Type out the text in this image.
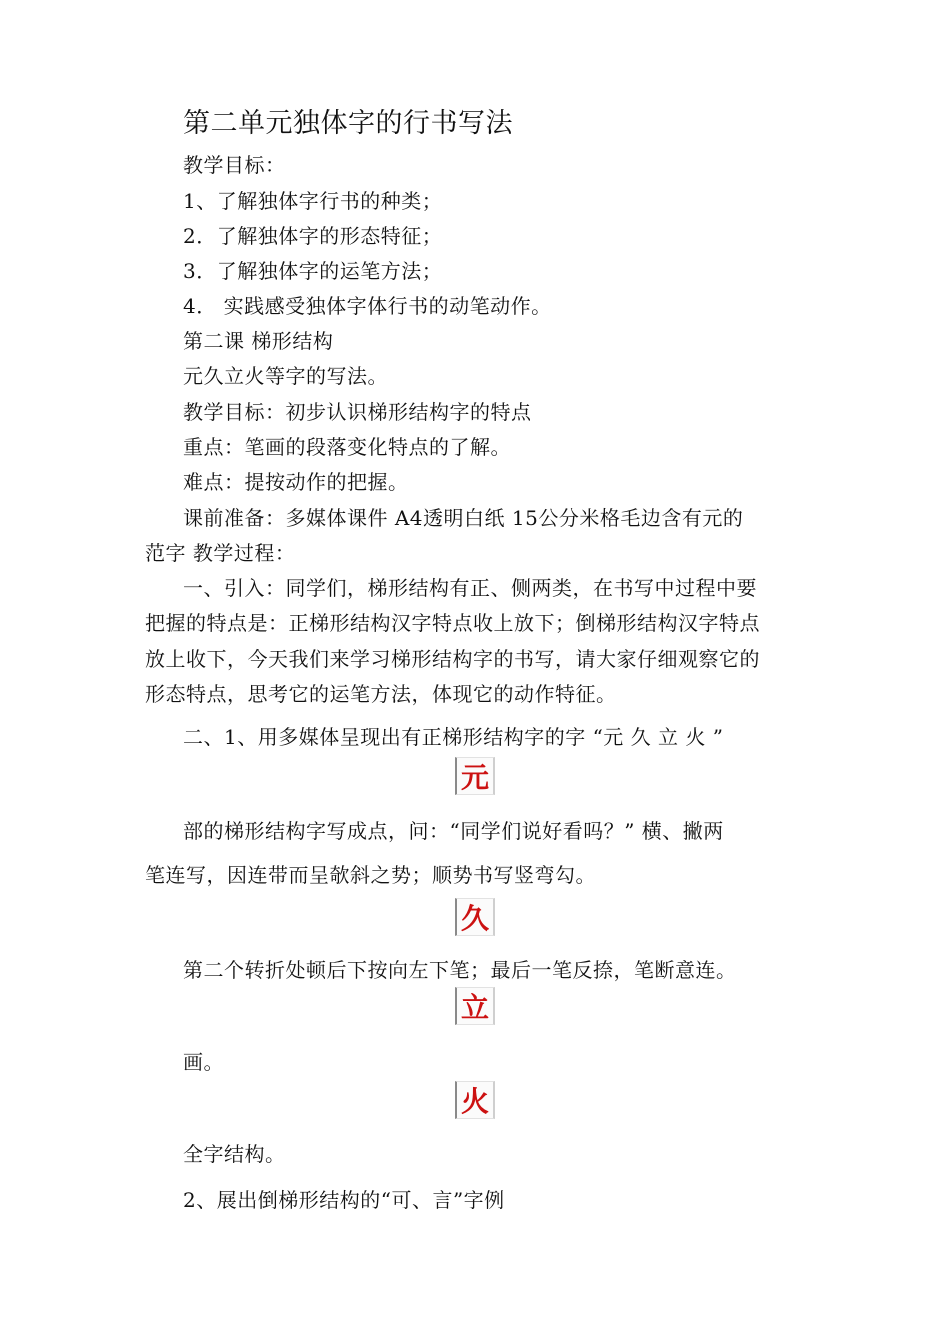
第二单元独体字的行书写法
教学目标：
1、了解独体字行书的种类；
2．了解独体字的形态特征；
3．了解独体字的运笔方法；
4． 实践感受独体字体行书的动笔动作。
第二课 梯形结构
元久立火等字的写法。
教学目标：初步认识梯形结构字的特点
重点：笔画的段落变化特点的了解。
难点：提按动作的把握。
课前准备：多媒体课件 A4透明白纸 15公分米格毛边含有元的
范字 教学过程：
一、引入：同学们，梯形结构有正、侧两类，在书写中过程中要
把握的特点是：正梯形结构汉字特点收上放下；倒梯形结构汉字特点
放上收下，今天我们来学习梯形结构字的书写，请大家仔细观察它的
形态特点，思考它的运笔方法，体现它的动作特征。
二、1、用多媒体呈现出有正梯形结构字的字 “元 久 立 火 ”
元
部的梯形结构字写成点，问：“同学们说好看吗？” 横、撇两
笔连写，因连带而呈欹斜之势；顺势书写竖弯勾。
久
第二个转折处顿后下按向左下笔；最后一笔反捺，笔断意连。
立
画。
火
全字结构。
2、展出倒梯形结构的“可、言”字例
